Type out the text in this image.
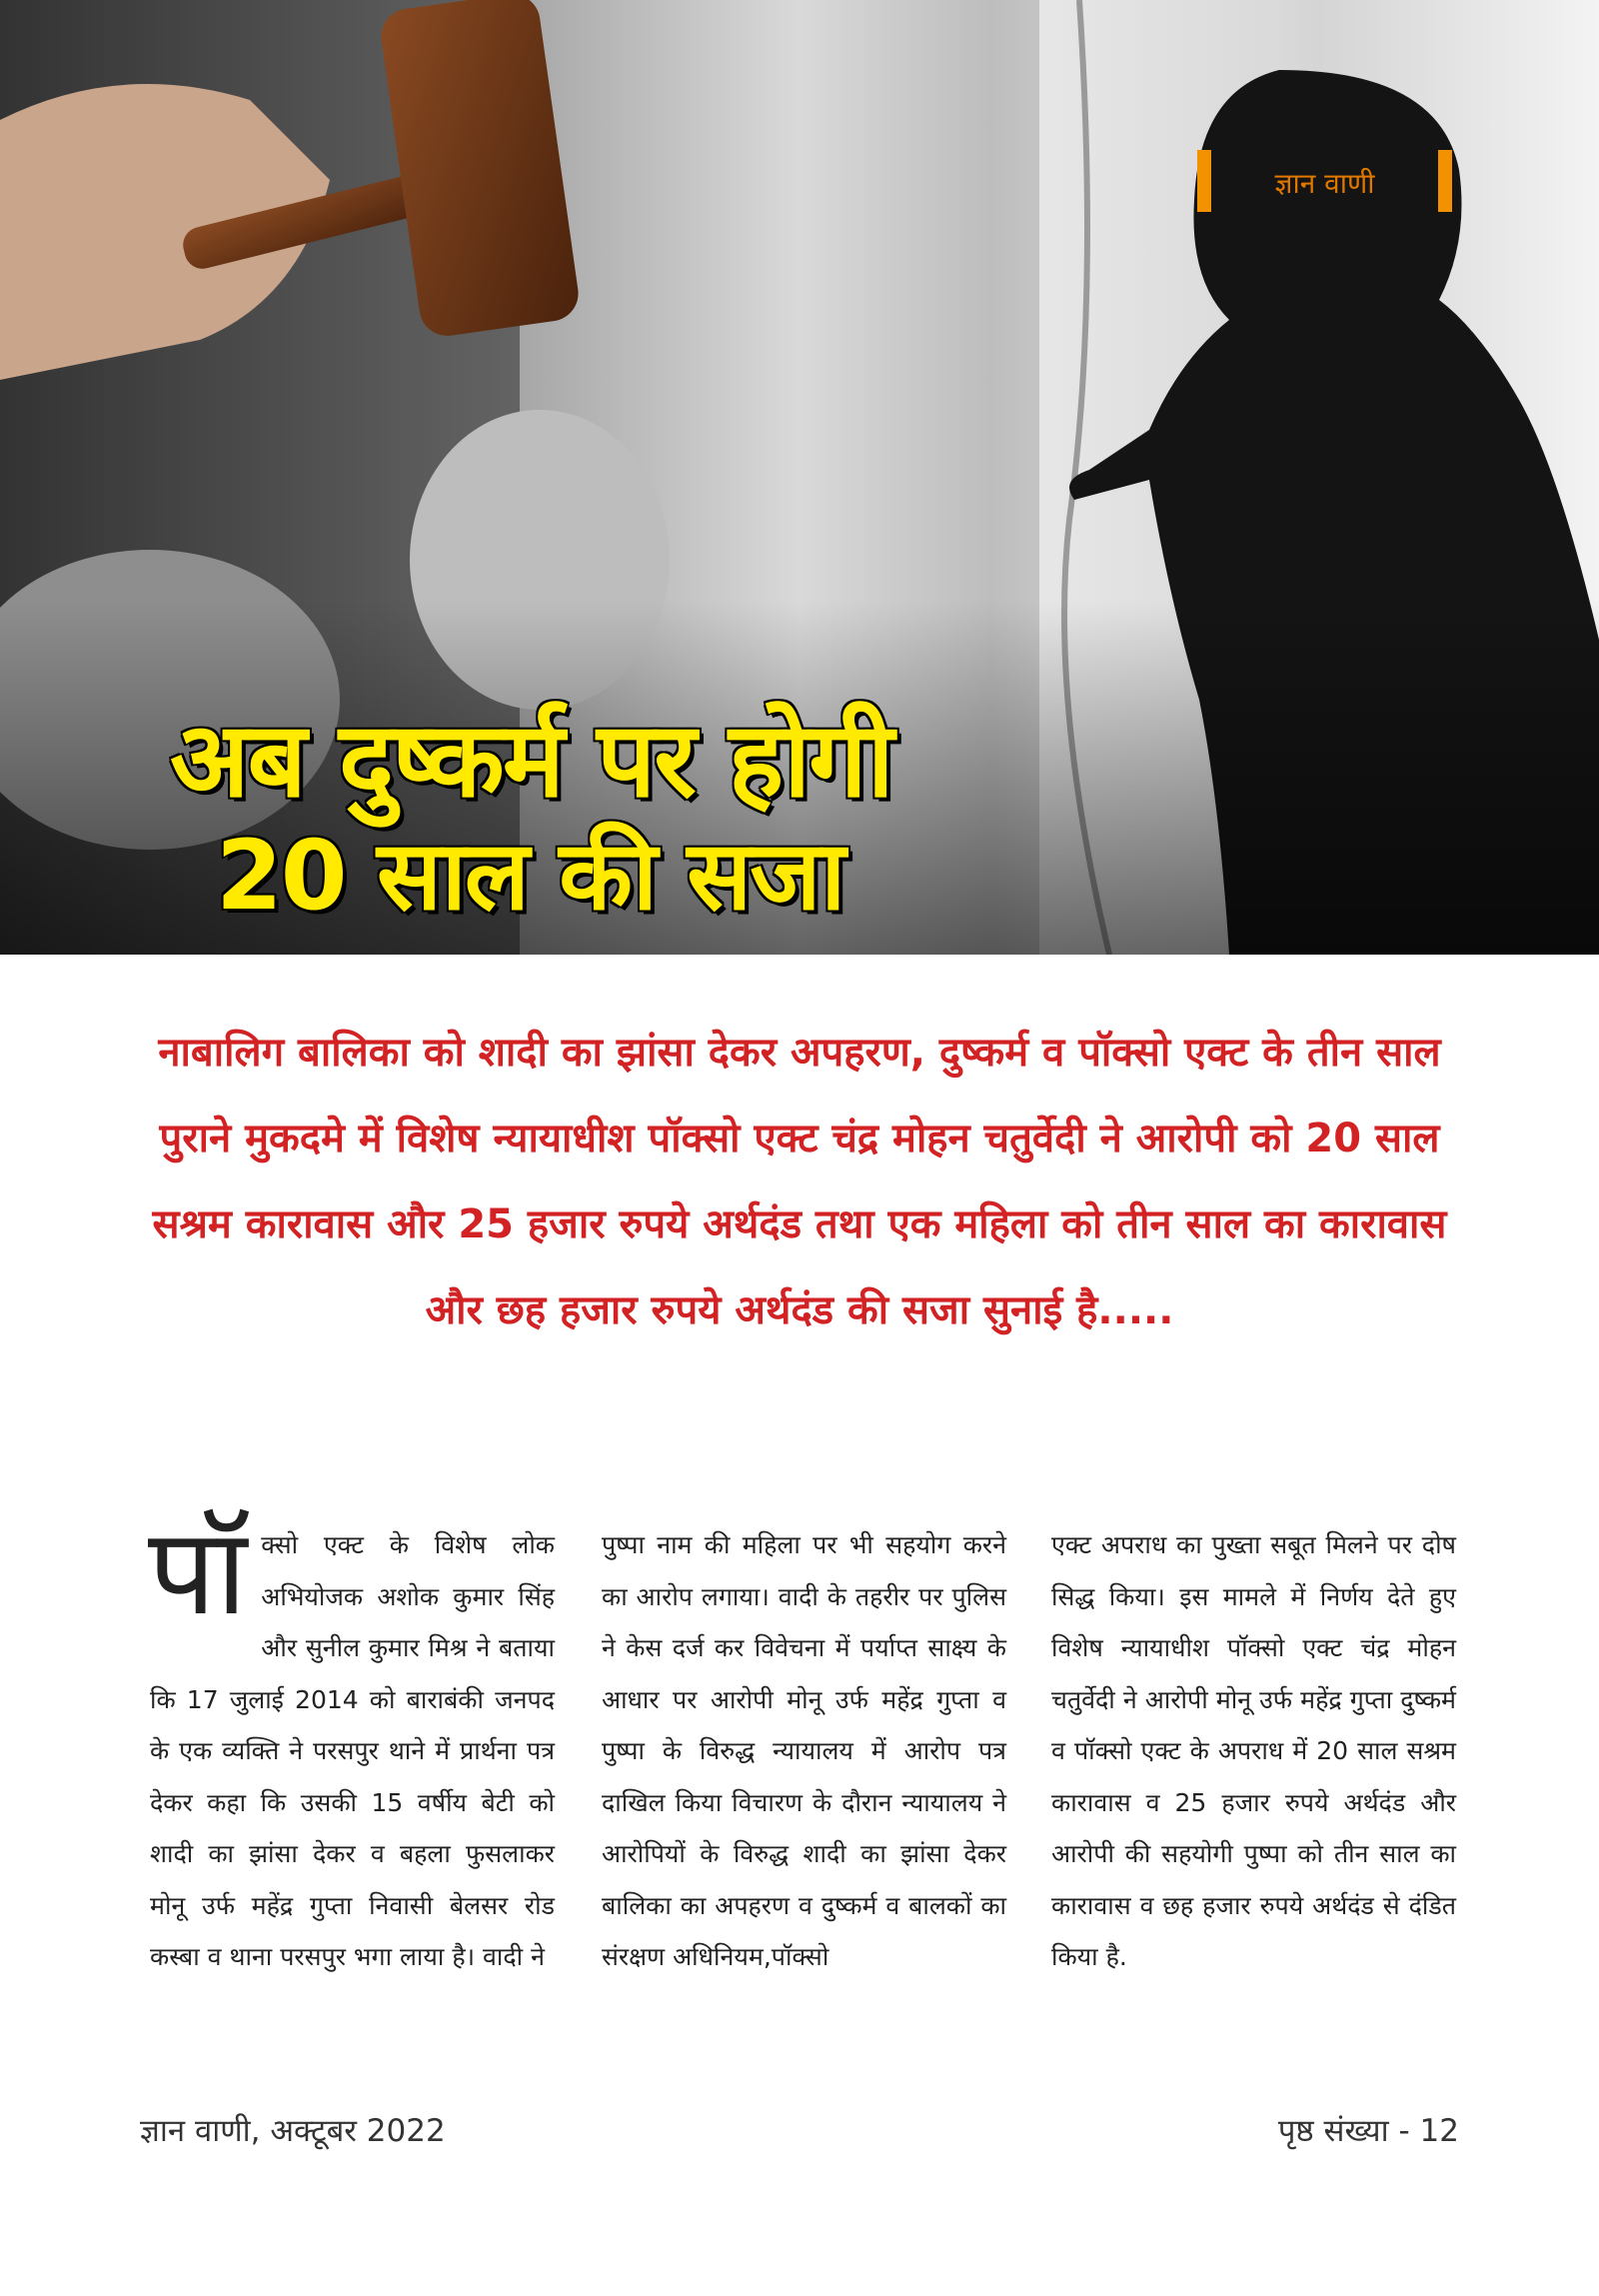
ज्ञान वाणी
अब दुष्कर्म पर होगी
20 साल की सजा

नाबालिग बालिका को शादी का झांसा देकर अपहरण, दुष्कर्म व पॉक्सो एक्ट के तीन साल पुराने मुकदमे में विशेष न्यायाधीश पॉक्सो एक्ट चंद्र मोहन चतुर्वेदी ने आरोपी को 20 साल सश्रम कारावास और 25 हजार रुपये अर्थदंड तथा एक महिला को तीन साल का कारावास और छह हजार रुपये अर्थदंड की सजा सुनाई है.....

पॉ क्सो एक्ट के विशेष लोक अभियोजक अशोक कुमार सिंह और सुनील कुमार मिश्र ने बताया कि 17 जुलाई 2014 को बाराबंकी जनपद के एक व्यक्ति ने परसपुर थाने में प्रार्थना पत्र देकर कहा कि उसकी 15 वर्षीय बेटी को शादी का झांसा देकर व बहला फुसलाकर मोनू उर्फ महेंद्र गुप्ता निवासी बेलसर रोड कस्बा व थाना परसपुर भगा लाया है। वादी ने

पुष्पा नाम की महिला पर भी सहयोग करने का आरोप लगाया। वादी के तहरीर पर पुलिस ने केस दर्ज कर विवेचना में पर्याप्त साक्ष्य के आधार पर आरोपी मोनू उर्फ महेंद्र गुप्ता व पुष्पा के विरुद्ध न्यायालय में आरोप पत्र दाखिल किया विचारण के दौरान न्यायालय ने आरोपियों के विरुद्ध शादी का झांसा देकर बालिका का अपहरण व दुष्कर्म व बालकों का संरक्षण अधिनियम,पॉक्सो

एक्ट अपराध का पुख्ता सबूत मिलने पर दोष सिद्ध किया। इस मामले में निर्णय देते हुए विशेष न्यायाधीश पॉक्सो एक्ट चंद्र मोहन चतुर्वेदी ने आरोपी मोनू उर्फ महेंद्र गुप्ता दुष्कर्म व पॉक्सो एक्ट के अपराध में 20 साल सश्रम कारावास व 25 हजार रुपये अर्थदंड और आरोपी की सहयोगी पुष्पा को तीन साल का कारावास व छह हजार रुपये अर्थदंड से दंडित किया है.

ज्ञान वाणी, अक्टूबर 2022	पृष्ठ संख्या - 12
